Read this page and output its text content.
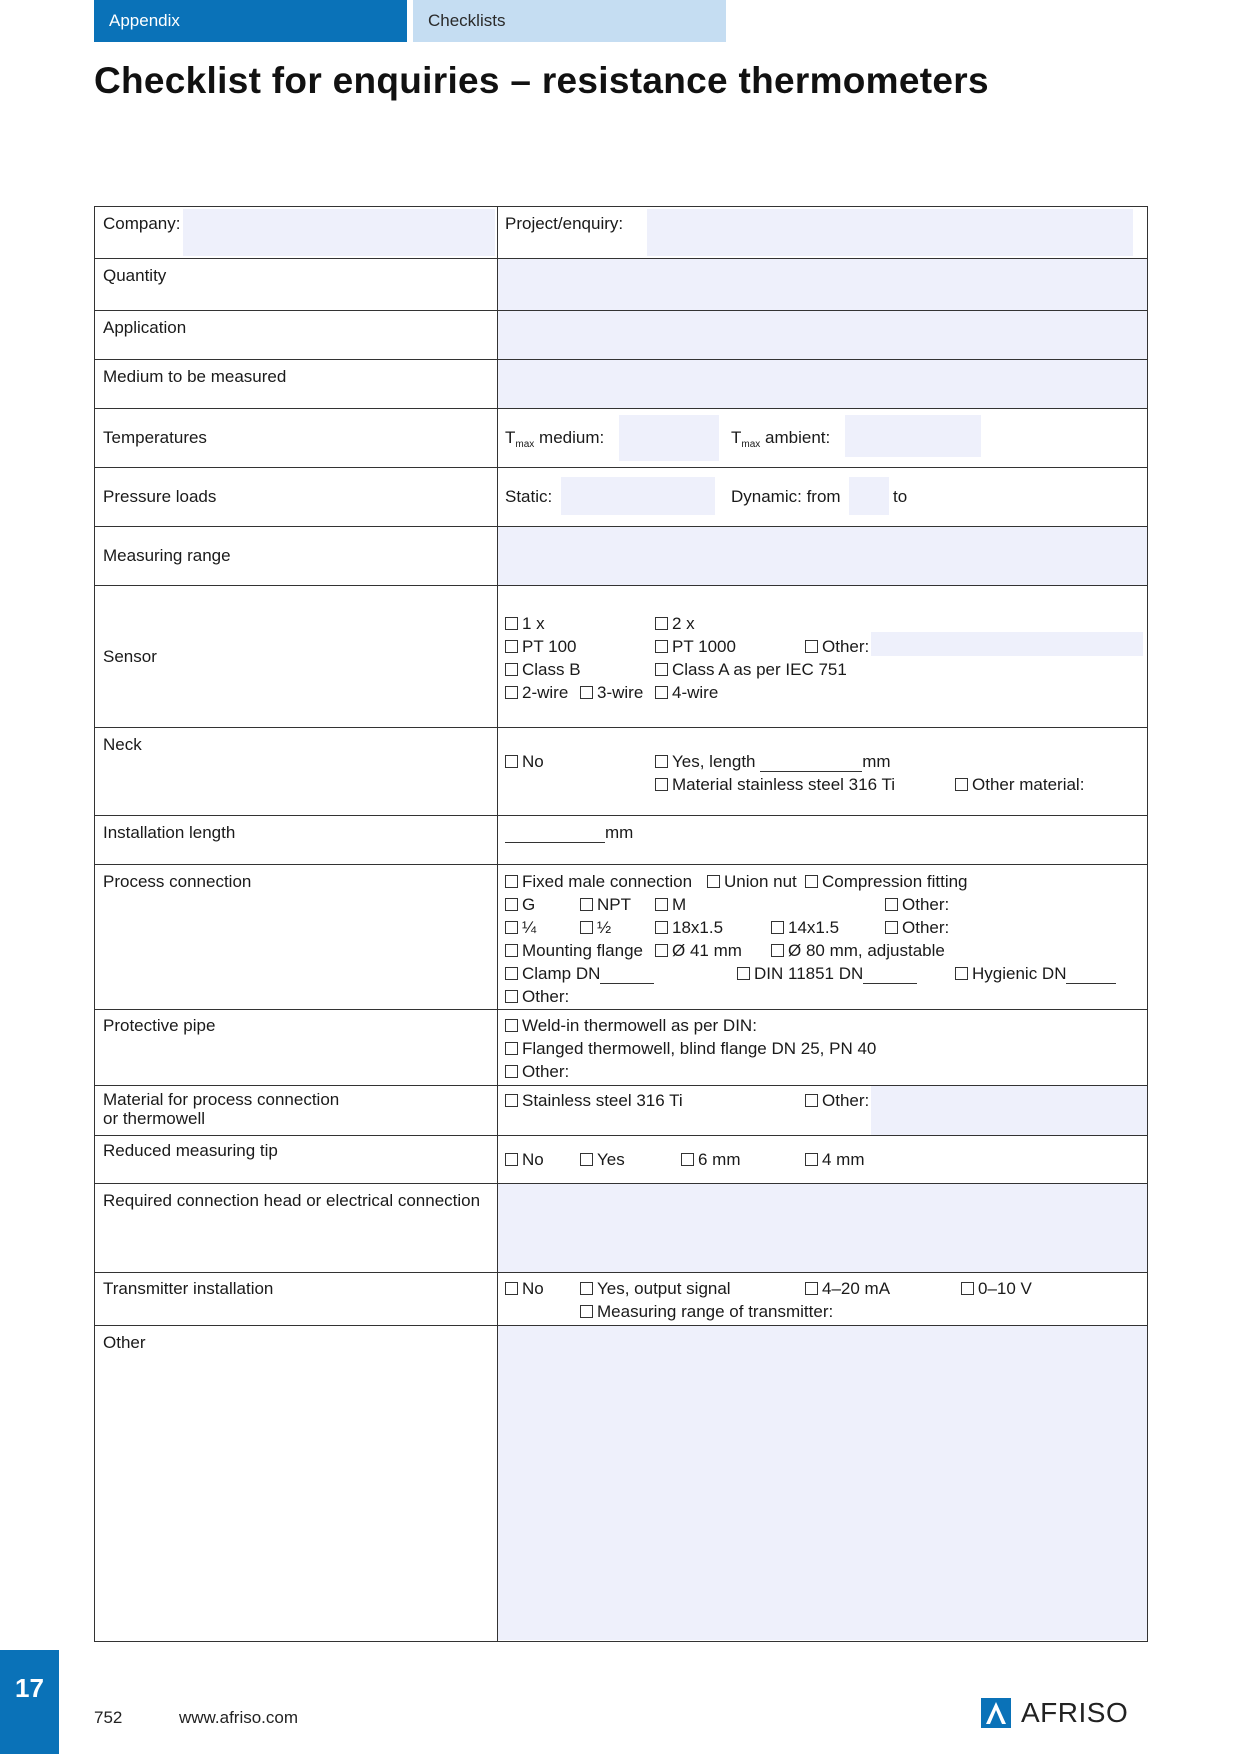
Appendix	Checklists
Checklist for enquiries – resistance thermometers
Company:	Project/enquiry:
Quantity
Application
Medium to be measured
Temperatures	$T_{max}$ medium:	$T_{max}$ ambient:
Pressure loads	Static:	Dynamic: from	to
Measuring range
Sensor
1 x	2 x
PT 100	PT 1000	Other:
Class B	Class A as per IEC 751
2-wire	3-wire	4-wire
Neck
No	Yes, length	mm
Material stainless steel 316 Ti	Other material:
Installation length	mm
Process connection	Fixed male connection	Union nut	Compression fitting
G	NPT	M	Other:
¼	½	18x1.5	14x1.5	Other:
Mounting flange	Ø 41 mm	Ø 80 mm, adjustable
Clamp DN	DIN 11851 DN	Hygienic DN
Other:
Protective pipe	Weld-in thermowell as per DIN:
Flanged thermowell, blind flange DN 25, PN 40
Other:
Material for process connection
or thermowell
Stainless steel 316 Ti	Other:
Reduced measuring tip	No	Yes	6 mm	4 mm
Required connection head or electrical connection
Transmitter installation	No	Yes, output signal	4–20 mA	0–10 V
Measuring range of transmitter:
Other
17
752	www.afriso.com	AFRISO
